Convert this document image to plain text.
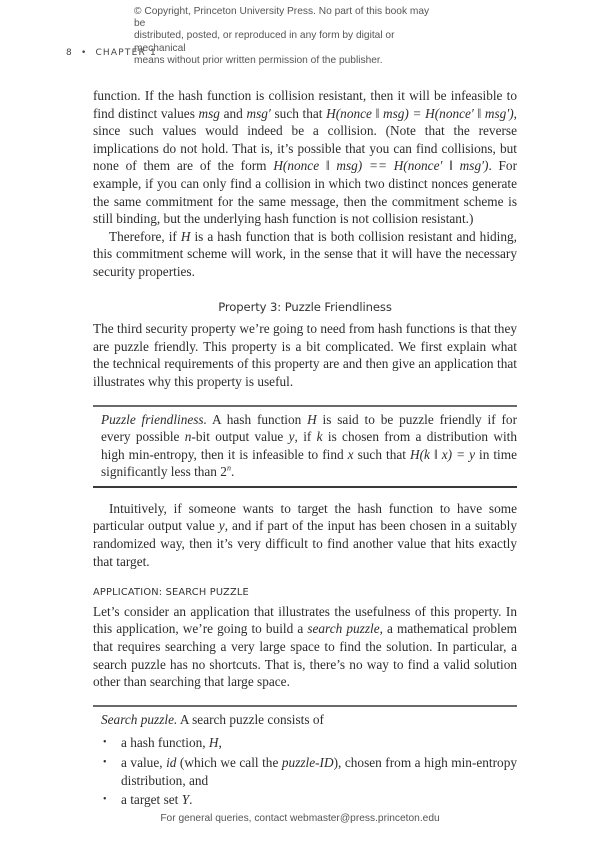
© Copyright, Princeton University Press. No part of this book may be
distributed, posted, or reproduced in any form by digital or mechanical
means without prior written permission of the publisher.
8 • CHAPTER 1

function. If the hash function is collision resistant, then it will be infeasible to find distinct values msg and msg′ such that H(nonce ‖ msg) = H(nonce′ ‖ msg′), since such values would indeed be a collision. (Note that the reverse implications do not hold. That is, it’s possible that you can find collisions, but none of them are of the form H(nonce ‖ msg) == H(nonce′ ‖ msg′). For example, if you can only find a collision in which two distinct nonces generate the same commitment for the same message, then the commitment scheme is still binding, but the underlying hash function is not collision resistant.)

Therefore, if H is a hash function that is both collision resistant and hiding, this commitment scheme will work, in the sense that it will have the necessary security properties.

Property 3: Puzzle Friendliness

The third security property we’re going to need from hash functions is that they are puzzle friendly. This property is a bit complicated. We first explain what the technical requirements of this property are and then give an application that illustrates why this property is useful.

Puzzle friendliness. A hash function H is said to be puzzle friendly if for every possible n-bit output value y, if k is chosen from a distribution with high min-entropy, then it is infeasible to find x such that H(k ‖ x) = y in time significantly less than 2$^n$.

Intuitively, if someone wants to target the hash function to have some particular output value y, and if part of the input has been chosen in a suitably randomized way, then it’s very difficult to find another value that hits exactly that target.

APPLICATION: SEARCH PUZZLE

Let’s consider an application that illustrates the usefulness of this property. In this application, we’re going to build a search puzzle, a mathematical problem that requires searching a very large space to find the solution. In particular, a search puzzle has no shortcuts. That is, there’s no way to find a valid solution other than searching that large space.

Search puzzle. A search puzzle consists of

• a hash function, H,
• a value, id (which we call the puzzle-ID), chosen from a high min-entropy distribution, and
• a target set Y.
For general queries, contact webmaster@press.princeton.edu
